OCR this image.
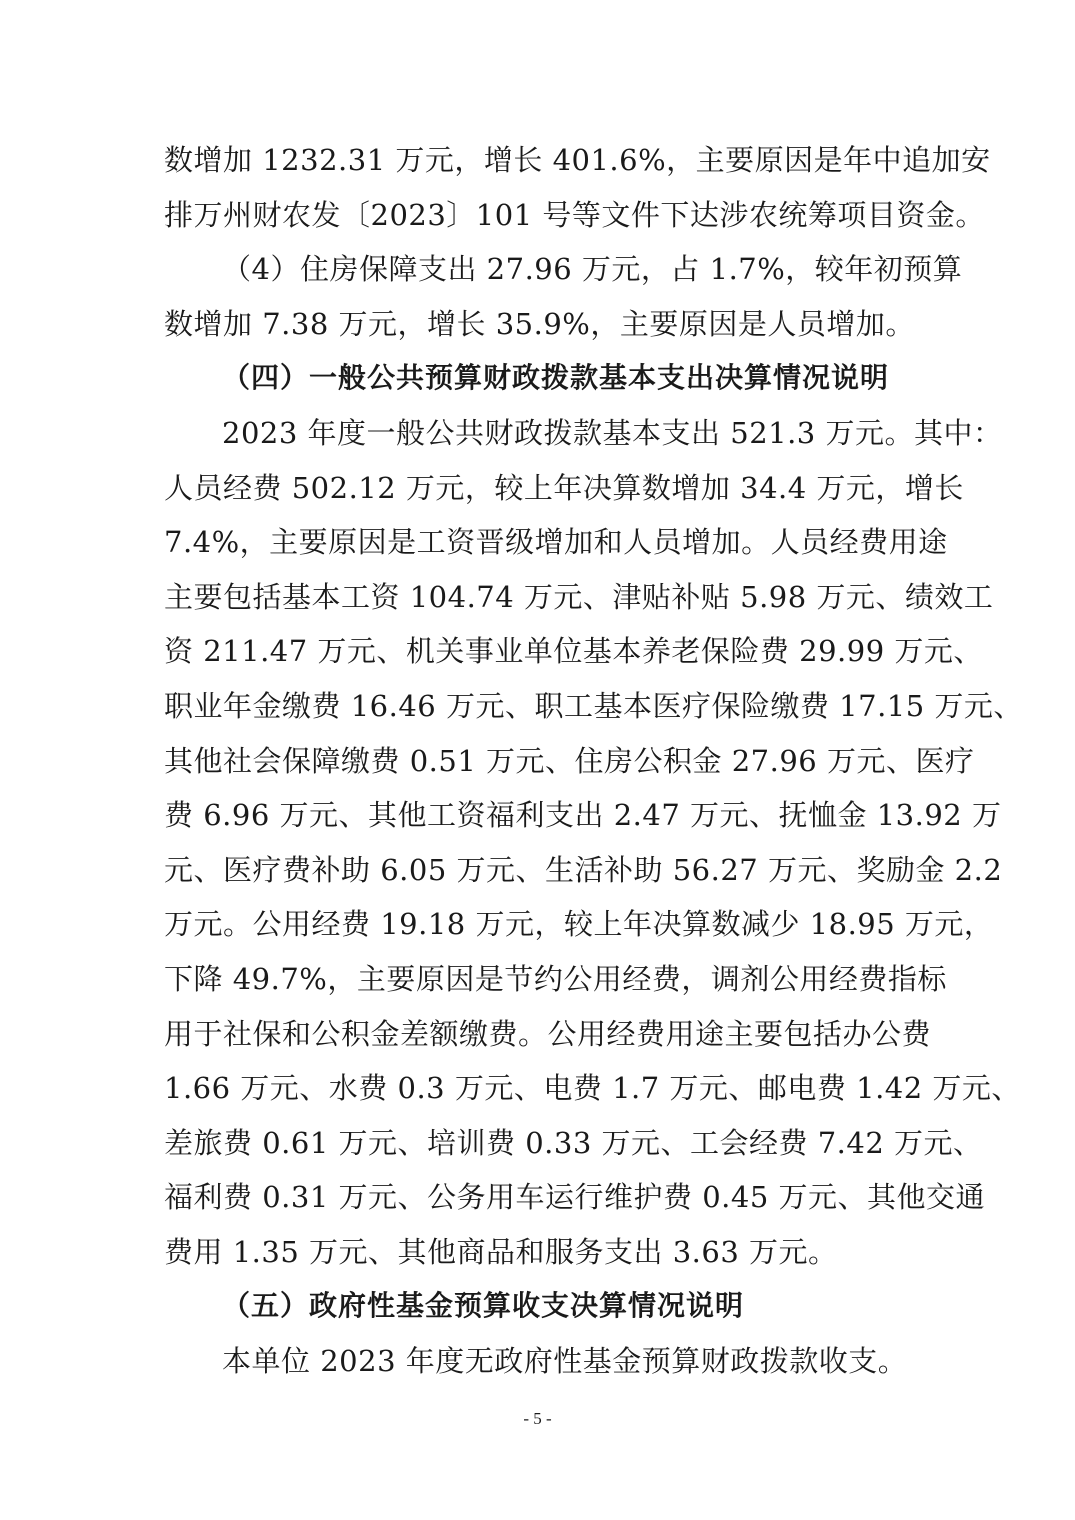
数增加 1232.31 万元，增长 401.6%，主要原因是年中追加安
排万州财农发〔2023〕101 号等文件下达涉农统筹项目资金。
（4）住房保障支出 27.96 万元，占 1.7%，较年初预算
数增加 7.38 万元，增长 35.9%，主要原因是人员增加。
（四）一般公共预算财政拨款基本支出决算情况说明
2023 年度一般公共财政拨款基本支出 521.3 万元。其中：
人员经费 502.12 万元，较上年决算数增加 34.4 万元，增长
7.4%，主要原因是工资晋级增加和人员增加。人员经费用途
主要包括基本工资 104.74 万元、津贴补贴 5.98 万元、绩效工
资 211.47 万元、机关事业单位基本养老保险费 29.99 万元、
职业年金缴费 16.46 万元、职工基本医疗保险缴费 17.15 万元、
其他社会保障缴费 0.51 万元、住房公积金 27.96 万元、医疗
费 6.96 万元、其他工资福利支出 2.47 万元、抚恤金 13.92 万
元、医疗费补助 6.05 万元、生活补助 56.27 万元、奖励金 2.2
万元。公用经费 19.18 万元，较上年决算数减少 18.95 万元，
下降 49.7%，主要原因是节约公用经费，调剂公用经费指标
用于社保和公积金差额缴费。公用经费用途主要包括办公费
1.66 万元、水费 0.3 万元、电费 1.7 万元、邮电费 1.42 万元、
差旅费 0.61 万元、培训费 0.33 万元、工会经费 7.42 万元、
福利费 0.31 万元、公务用车运行维护费 0.45 万元、其他交通
费用 1.35 万元、其他商品和服务支出 3.63 万元。
（五）政府性基金预算收支决算情况说明
本单位 2023 年度无政府性基金预算财政拨款收支。
- 5 -
